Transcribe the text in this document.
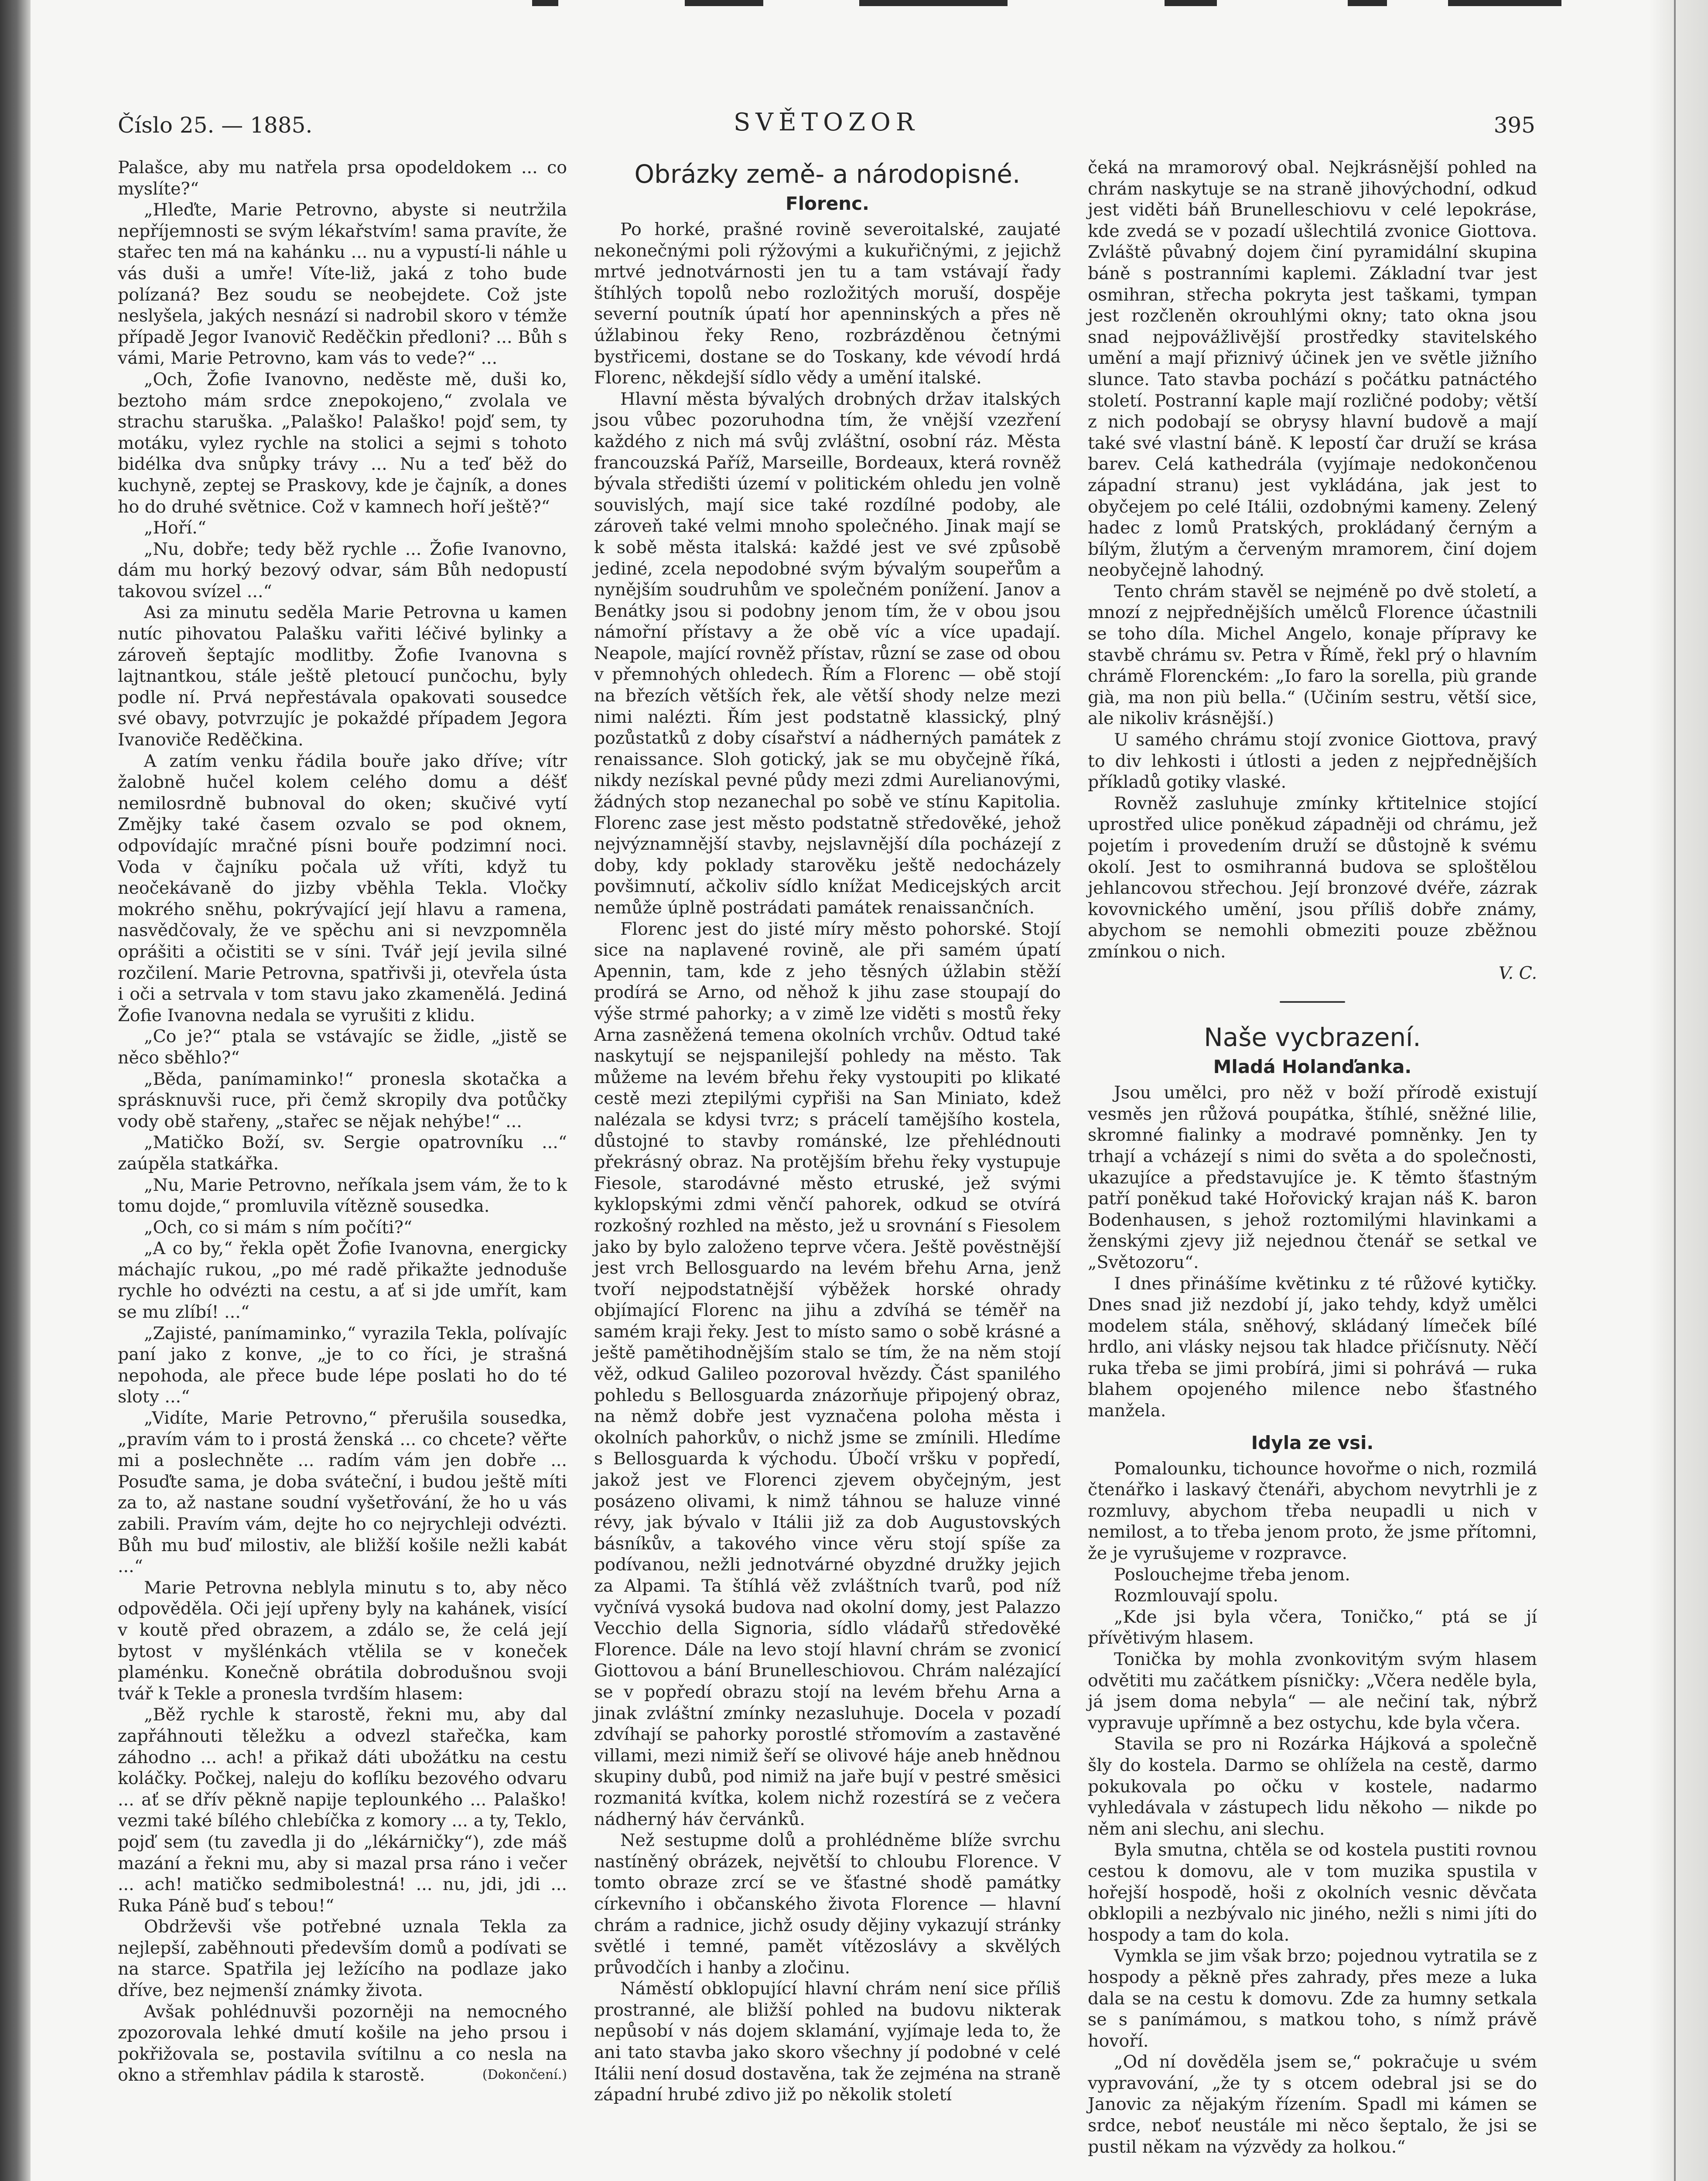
Číslo 25. — 1885.	SVĚTOZOR	395

Palašce, aby mu natřela prsa opodeldokem ... co myslíte?“

„Hleďte, Marie Petrovno, abyste si neutržila nepříjemnosti se svým lékařstvím! sama pravíte, že stařec ten má na kahánku ... nu a vypustí-li náhle u vás duši a umře! Víte-liž, jaká z toho bude polízaná? Bez soudu se neobejdete. Což jste neslyšela, jakých nesnází si nadrobil skoro v témže případě Jegor Ivanovič Reděčkin předloni? ... Bůh s vámi, Marie Petrovno, kam vás to vede?“ ...

„Och, Žofie Ivanovno, neděste mě, duši ko, beztoho mám srdce znepokojeno,“ zvolala ve strachu staruška. „Palaško! Palaško! pojď sem, ty motáku, vylez rychle na stolici a sejmi s tohoto bidélka dva snůpky trávy ... Nu a teď běž do kuchyně, zeptej se Praskovy, kde je čajník, a dones ho do druhé světnice. Což v kamnech hoří ještě?“

„Hoří.“

„Nu, dobře; tedy běž rychle ... Žofie Ivanovno, dám mu horký bezový odvar, sám Bůh nedopustí takovou svízel ...“

Asi za minutu seděla Marie Petrovna u kamen nutíc pihovatou Palašku vařiti léčivé bylinky a zároveň šeptajíc modlitby. Žofie Ivanovna s lajtnantkou, stále ještě pletoucí punčochu, byly podle ní. Prvá nepřestávala opakovati sousedce své obavy, potvrzujíc je pokaždé případem Jegora Ivanoviče Reděčkina.

A zatím venku řádila bouře jako dříve; vítr žalobně hučel kolem celého domu a déšť nemilosrdně bubnoval do oken; skučivé vytí Změjky také časem ozvalo se pod oknem, odpovídajíc mračné písni bouře podzimní noci. Voda v čajníku počala už vříti, když tu neočekávaně do jizby vběhla Tekla. Vločky mokrého sněhu, pokrývající její hlavu a ramena, nasvědčovaly, že ve spěchu ani si nevzpomněla oprášiti a očistiti se v síni. Tvář její jevila silné rozčilení. Marie Petrovna, spatřivši ji, otevřela ústa i oči a setrvala v tom stavu jako zkamenělá. Jediná Žofie Ivanovna nedala se vyrušiti z klidu.

„Co je?“ ptala se vstávajíc se židle, „jistě se něco sběhlo?“

„Běda, panímaminko!“ pronesla skotačka a sprásknuvši ruce, při čemž skropily dva potůčky vody obě stařeny, „stařec se nějak nehýbe!“ ...

„Matičko Boží, sv. Sergie opatrovníku ...“ zaúpěla statkářka.

„Nu, Marie Petrovno, neříkala jsem vám, že to k tomu dojde,“ promluvila vítězně sousedka.

„Och, co si mám s ním počíti?“

„A co by,“ řekla opět Žofie Ivanovna, energicky máchajíc rukou, „po mé radě přikažte jednoduše rychle ho odvézti na cestu, a ať si jde umřít, kam se mu zlíbí! ...“

„Zajisté, panímaminko,“ vyrazila Tekla, polívajíc paní jako z konve, „je to co říci, je strašná nepohoda, ale přece bude lépe poslati ho do té sloty ...“

„Vidíte, Marie Petrovno,“ přerušila sousedka, „pravím vám to i prostá ženská ... co chcete? věřte mi a poslechněte ... radím vám jen dobře ... Posuďte sama, je doba sváteční, i budou ještě míti za to, až nastane soudní vyšetřování, že ho u vás zabili. Pravím vám, dejte ho co nejrychleji odvézti. Bůh mu buď milostiv, ale bližší košile nežli kabát ...“

Marie Petrovna neblyla minutu s to, aby něco odpověděla. Oči její upřeny byly na kahánek, visící v koutě před obrazem, a zdálo se, že celá její bytost v myšlénkách vtělila se v koneček plaménku. Konečně obrátila dobrodušnou svoji tvář k Tekle a pronesla tvrdším hlasem:

„Běž rychle k starostě, řekni mu, aby dal zapřáhnouti těležku a odvezl stařečka, kam záhodno ... ach! a přikaž dáti ubožátku na cestu koláčky. Počkej, naleju do koflíku bezového odvaru ... ať se dřív pěkně napije teplounkého ... Palaško! vezmi také bílého chlebíčka z komory ... a ty, Teklo, pojď sem (tu zavedla ji do „lékárničky“), zde máš mazání a řekni mu, aby si mazal prsa ráno i večer ... ach! matičko sedmibolestná! ... nu, jdi, jdi ... Ruka Páně buď s tebou!“

Obdrževši vše potřebné uznala Tekla za nejlepší, zaběhnouti především domů a podívati se na starce. Spatřila jej ležícího na podlaze jako dříve, bez nejmenší známky života.

Avšak pohlédnuvši pozorněji na nemocného zpozorovala lehké dmutí košile na jeho prsou i pokřižovala se, postavila svítilnu a co nesla na okno a střemhlav pádila k starostě.	(Dokončení.)

Obrázky země- a národopisné.
Florenc.

Po horké, prašné rovině severoitalské, zaujaté nekonečnými poli rýžovými a kukuřičnými, z jejichž mrtvé jednotvárnosti jen tu a tam vstávají řady štíhlých topolů nebo rozložitých moruší, dospěje severní poutník úpatí hor apenninských a přes ně úžlabinou řeky Reno, rozbrázděnou četnými bystřicemi, dostane se do Toskany, kde vévodí hrdá Florenc, někdejší sídlo vědy a umění italské.

Hlavní města bývalých drobných držav italských jsou vůbec pozoruhodna tím, že vnější vzezření každého z nich má svůj zvláštní, osobní ráz. Města francouzská Paříž, Marseille, Bordeaux, která rovněž bývala středišti území v politickém ohledu jen volně souvislých, mají sice také rozdílné podoby, ale zároveň také velmi mnoho společného. Jinak mají se k sobě města italská: každé jest ve své způsobě jediné, zcela nepodobné svým bývalým soupeřům a nynějším soudruhům ve společném ponížení. Janov a Benátky jsou si podobny jenom tím, že v obou jsou námořní přístavy a že obě víc a více upadají. Neapole, mající rovněž přístav, různí se zase od obou v přemnohých ohledech. Řím a Florenc — obě stojí na březích větších řek, ale větší shody nelze mezi nimi nalézti. Řím jest podstatně klassický, plný pozůstatků z doby císařství a nádherných památek z renaissance. Sloh gotický, jak se mu obyčejně říká, nikdy nezískal pevné půdy mezi zdmi Aurelianovými, žádných stop nezanechal po sobě ve stínu Kapitolia. Florenc zase jest město podstatně středověké, jehož nejvýznamnější stavby, nejslavnější díla pocházejí z doby, kdy poklady starověku ještě nedocházely povšimnutí, ačkoliv sídlo knížat Medicejských arcit nemůže úplně postrádati památek renaissančních.

Florenc jest do jisté míry město pohorské. Stojí sice na naplavené rovině, ale při samém úpatí Apennin, tam, kde z jeho těsných úžlabin stěží prodírá se Arno, od něhož k jihu zase stoupají do výše strmé pahorky; a v zimě lze viděti s mostů řeky Arna zasněžená temena okolních vrchův. Odtud také naskytují se nejspanilejší pohledy na město. Tak můžeme na levém břehu řeky vystoupiti po klikaté cestě mezi ztepilými cypřiši na San Miniato, kdež nalézala se kdysi tvrz; s prácelí tamějšího kostela, důstojné to stavby románské, lze přehlédnouti překrásný obraz. Na protějším břehu řeky vystupuje Fiesole, starodávné město etruské, jež svými kyklopskými zdmi věnčí pahorek, odkud se otvírá rozkošný rozhled na město, jež u srovnání s Fiesolem jako by bylo založeno teprve včera. Ještě pověstnější jest vrch Bellosguardo na levém břehu Arna, jenž tvoří nejpodstatnější výběžek horské ohrady objímající Florenc na jihu a zdvíhá se téměř na samém kraji řeky. Jest to místo samo o sobě krásné a ještě pamětihodnějším stalo se tím, že na něm stojí věž, odkud Galileo pozoroval hvězdy. Část spanilého pohledu s Bellosguarda znázorňuje připojený obraz, na němž dobře jest vyznačena poloha města i okolních pahorkův, o nichž jsme se zmínili. Hledíme s Bellosguarda k východu. Úbočí vršku v popředí, jakož jest ve Florenci zjevem obyčejným, jest posázeno olivami, k nimž táhnou se haluze vinné révy, jak bývalo v Itálii již za dob Augustovských básníkův, a takového vince věru stojí spíše za podívanou, nežli jednotvárné obyzdné družky jejich za Alpami. Ta štíhlá věž zvláštních tvarů, pod níž vyčnívá vysoká budova nad okolní domy, jest Palazzo Vecchio della Signoria, sídlo vládařů středověké Florence. Dále na levo stojí hlavní chrám se zvonicí Giottovou a bání Brunelleschiovou. Chrám nalézající se v popředí obrazu stojí na levém břehu Arna a jinak zvláštní zmínky nezasluhuje. Docela v pozadí zdvíhají se pahorky porostlé střomovím a zastavěné villami, mezi nimiž šeří se olivové háje aneb hnědnou skupiny dubů, pod nimiž na jaře bují v pestré směsici rozmanitá kvítka, kolem nichž rozestírá se z večera nádherný háv červánků.

Než sestupme dolů a prohlédněme blíže svrchu nastíněný obrázek, největší to chloubu Florence. V tomto obraze zrcí se ve šťastné shodě památky církevního i občanského života Florence — hlavní chrám a radnice, jichž osudy dějiny vykazují stránky světlé i temné, pamět vítězoslávy a skvělých průvodčích i hanby a zločinu.

Náměstí obklopující hlavní chrám není sice příliš prostranné, ale bližší pohled na budovu nikterak nepůsobí v nás dojem sklamání, vyjímaje leda to, že ani tato stavba jako skoro všechny jí podobné v celé Itálii není dosud dostavěna, tak že zejména na straně západní hrubé zdivo již po několik století

čeká na mramorový obal. Nejkrásnější pohled na chrám naskytuje se na straně jihovýchodní, odkud jest viděti báň Brunelleschiovu v celé lepokráse, kde zvedá se v pozadí ušlechtilá zvonice Giottova. Zvláště půvabný dojem činí pyramidální skupina báně s postranními kaplemi. Základní tvar jest osmihran, střecha pokryta jest taškami, tympan jest rozčleněn okrouhlými okny; tato okna jsou snad nejpovážlivější prostředky stavitelského umění a mají přiznivý účinek jen ve světle jižního slunce. Tato stavba pochází s počátku patnáctého století. Postranní kaple mají rozličné podoby; větší z nich podobají se obrysy hlavní budově a mají také své vlastní báně. K lepostí čar druží se krása barev. Celá kathedrála (vyjímaje nedokončenou západní stranu) jest vykládána, jak jest to obyčejem po celé Itálii, ozdobnými kameny. Zelený hadec z lomů Pratských, prokládaný černým a bílým, žlutým a červeným mramorem, činí dojem neobyčejně lahodný.

Tento chrám stavěl se nejméně po dvě století, a mnozí z nejpřednějších umělců Florence účastnili se toho díla. Michel Angelo, konaje přípravy ke stavbě chrámu sv. Petra v Římě, řekl prý o hlavním chrámě Florenckém: „Io faro la sorella, più grande già, ma non più bella.“ (Učiním sestru, větší sice, ale nikoliv krásnější.)

U samého chrámu stojí zvonice Giottova, pravý to div lehkosti i útlosti a jeden z nejpřednějších příkladů gotiky vlaské.

Rovněž zasluhuje zmínky křtitelnice stojící uprostřed ulice poněkud západněji od chrámu, jež pojetím i provedením druží se důstojně k svému okolí. Jest to osmihranná budova se sploštělou jehlancovou střechou. Její bronzové dvéře, zázrak kovovnického umění, jsou příliš dobře známy, abychom se nemohli obmeziti pouze zběžnou zmínkou o nich.

V. C.
Naše vycbrazení.
Mladá Holanďanka.

Jsou umělci, pro něž v boží přírodě existují vesměs jen růžová poupátka, štíhlé, sněžné lilie, skromné fialinky a modravé pomněnky. Jen ty trhají a vcházejí s nimi do světa a do společnosti, ukazujíce a představujíce je. K těmto šťastným patří poněkud také Hořovický krajan náš K. baron Bodenhausen, s jehož roztomilými hlavinkami a ženskými zjevy již nejednou čtenář se setkal ve „Světozoru“.

I dnes přinášíme květinku z té růžové kytičky. Dnes snad již nezdobí jí, jako tehdy, když umělci modelem stála, sněhový, skládaný límeček bílé hrdlo, ani vlásky nejsou tak hladce přičísnuty. Něčí ruka třeba se jimi probírá, jimi si pohrává — ruka blahem opojeného milence nebo šťastného manžela.

Idyla ze vsi.

Pomalounku, tichounce hovořme o nich, rozmilá čtenářko i laskavý čtenáři, abychom nevytrhli je z rozmluvy, abychom třeba neupadli u nich v nemilost, a to třeba jenom proto, že jsme přítomni, že je vyrušujeme v rozpravce.

Poslouchejme třeba jenom.

Rozmlouvají spolu.

„Kde jsi byla včera, Toničko,“ ptá se jí přívětivým hlasem.

Tonička by mohla zvonkovitým svým hlasem odvětiti mu začátkem písničky: „Včera neděle byla, já jsem doma nebyla“ — ale nečiní tak, nýbrž vypravuje upřímně a bez ostychu, kde byla včera.

Stavila se pro ni Rozárka Hájková a společně šly do kostela. Darmo se ohlížela na cestě, darmo pokukovala po očku v kostele, nadarmo vyhledávala v zástupech lidu někoho — nikde po něm ani slechu, ani slechu.

Byla smutna, chtěla se od kostela pustiti rovnou cestou k domovu, ale v tom muzika spustila v hořejší hospodě, hoši z okolních vesnic děvčata obklopili a nezbývalo nic jiného, nežli s nimi jíti do hospody a tam do kola.

Vymkla se jim však brzo; pojednou vytratila se z hospody a pěkně přes zahrady, přes meze a luka dala se na cestu k domovu. Zde za humny setkala se s panímámou, s matkou toho, s nímž právě hovoří.

„Od ní dověděla jsem se,“ pokračuje u svém vypravování, „že ty s otcem odebral jsi se do Janovic za nějakým řízením. Spadl mi kámen se srdce, neboť neustále mi něco šeptalo, že jsi se pustil někam na výzvědy za holkou.“
